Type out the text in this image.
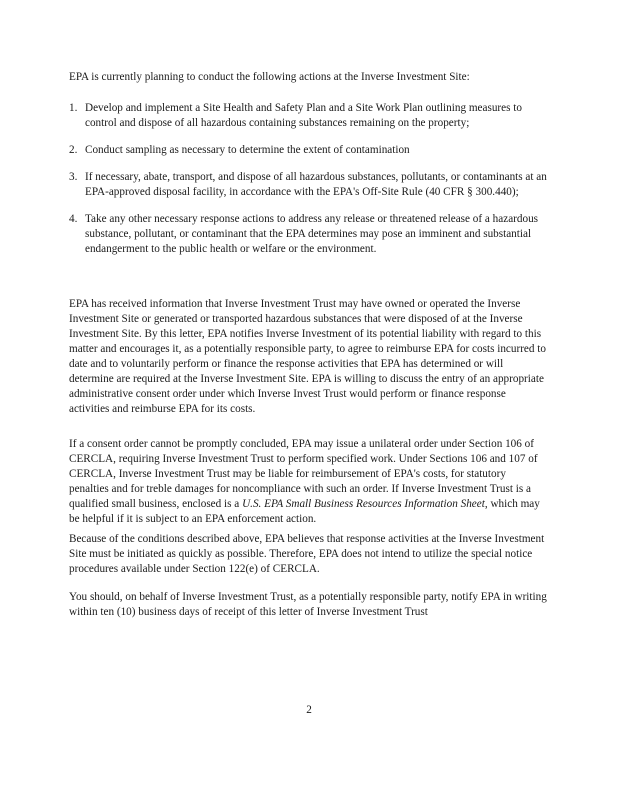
EPA is currently planning to conduct the following actions at the Inverse Investment Site:

1. Develop and implement a Site Health and Safety Plan and a Site Work Plan outlining measures to control and dispose of all hazardous containing substances remaining on the property;
2. Conduct sampling as necessary to determine the extent of contamination
3. If necessary, abate, transport, and dispose of all hazardous substances, pollutants, or contaminants at an EPA-approved disposal facility, in accordance with the EPA's Off-Site Rule (40 CFR § 300.440);
4. Take any other necessary response actions to address any release or threatened release of a hazardous substance, pollutant, or contaminant that the EPA determines may pose an imminent and substantial endangerment to the public health or welfare or the environment.

EPA has received information that Inverse Investment Trust may have owned or operated the Inverse Investment Site or generated or transported hazardous substances that were disposed of at the Inverse Investment Site. By this letter, EPA notifies Inverse Investment of its potential liability with regard to this matter and encourages it, as a potentially responsible party, to agree to reimburse EPA for costs incurred to date and to voluntarily perform or finance the response activities that EPA has determined or will determine are required at the Inverse Investment Site. EPA is willing to discuss the entry of an appropriate administrative consent order under which Inverse Invest Trust would perform or finance response activities and reimburse EPA for its costs.

If a consent order cannot be promptly concluded, EPA may issue a unilateral order under Section 106 of CERCLA, requiring Inverse Investment Trust to perform specified work. Under Sections 106 and 107 of CERCLA, Inverse Investment Trust may be liable for reimbursement of EPA's costs, for statutory penalties and for treble damages for noncompliance with such an order. If Inverse Investment Trust is a qualified small business, enclosed is a U.S. EPA Small Business Resources Information Sheet, which may be helpful if it is subject to an EPA enforcement action.

Because of the conditions described above, EPA believes that response activities at the Inverse Investment Site must be initiated as quickly as possible. Therefore, EPA does not intend to utilize the special notice procedures available under Section 122(e) of CERCLA.

You should, on behalf of Inverse Investment Trust, as a potentially responsible party, notify EPA in writing within ten (10) business days of receipt of this letter of Inverse Investment Trust

2
